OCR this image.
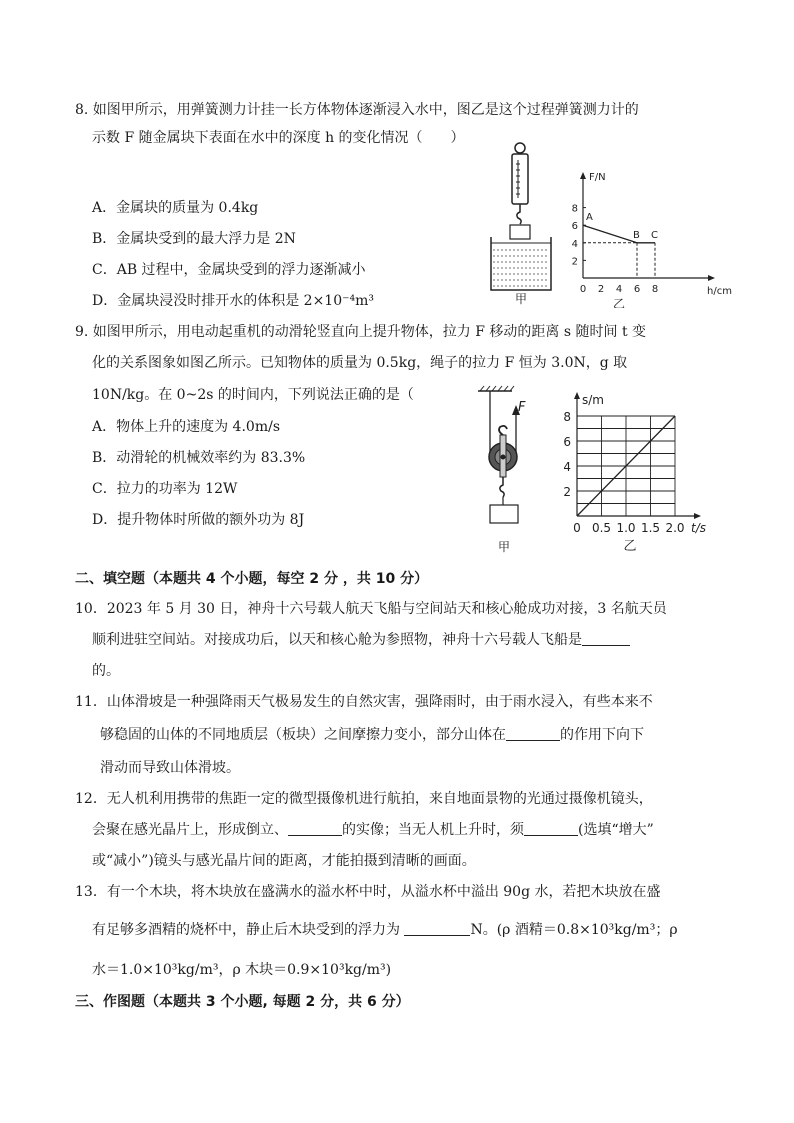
8. 如图甲所示，用弹簧测力计挂一长方体物体逐渐浸入水中，图乙是这个过程弹簧测力计的
示数 F 随金属块下表面在水中的深度 h 的变化情况（　　）
A．金属块的质量为 0.4kg
B．金属块受到的最大浮力是 2N
C．AB 过程中，金属块受到的浮力逐渐减小
D．金属块浸没时排开水的体积是 2×10⁻⁴m³	甲
F/N
h/cm
0 2 4 6 8
2
4
6
8
A
B C
乙
9. 如图甲所示，用电动起重机的动滑轮竖直向上提升物体，拉力 F 移动的距离 s 随时间 t 变
化的关系图象如图乙所示。已知物体的质量为 0.5kg，绳子的拉力 F 恒为 3.0N，g 取
10N/kg。在 0~2s 的时间内，下列说法正确的是（
A．物体上升的速度为 4.0m/s
B．动滑轮的机械效率约为 83.3%
C．拉力的功率为 12W
D．提升物体时所做的额外功为 8J
F
甲
s/m
t/s
0 0.5 1.0 1.5 2.0
2
4
6
8
乙
二、填空题（本题共 4 个小题，每空 2 分 ，共 10 分）
10．2023 年 5 月 30 日，神舟十六号载人航天飞船与空间站天和核心舱成功对接，3 名航天员
顺利进驻空间站。对接成功后，以天和核心舱为参照物，神舟十六号载人飞船是
的。
11．山体滑坡是一种强降雨天气极易发生的自然灾害，强降雨时，由于雨水浸入，有些本来不
够稳固的山体的不同地质层（板块）之间摩擦力变小，部分山体在	的作用下向下
滑动而导致山体滑坡。
12．无人机利用携带的焦距一定的微型摄像机进行航拍，来自地面景物的光通过摄像机镜头，
会聚在感光晶片上，形成倒立、	的实像；当无人机上升时，须	(选填“增大”
或“减小”)镜头与感光晶片间的距离，才能拍摄到清晰的画面。
13．有一个木块，将木块放在盛满水的溢水杯中时，从溢水杯中溢出 90g 水，若把木块放在盛
有足够多酒精的烧杯中，静止后木块受到的浮力为	N。(ρ 酒精＝0.8×10³kg/m³；ρ
水＝1.0×10³kg/m³，ρ 木块＝0.9×10³kg/m³)
三、作图题（本题共 3 个小题, 每题 2 分，共 6 分）
